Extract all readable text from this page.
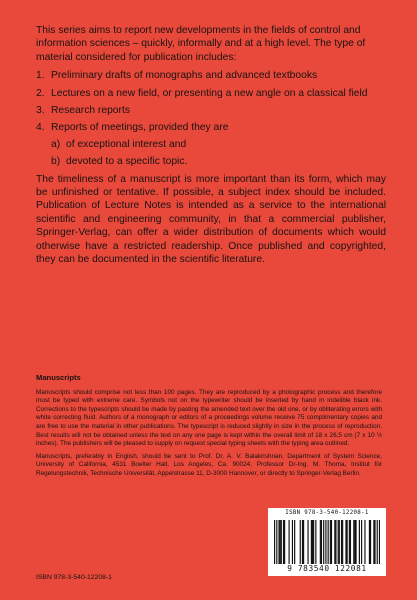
This series aims to report new developments in the fields of control and information sciences – quickly, informally and at a high level. The type of material considered for publication includes:

1. Preliminary drafts of monographs and advanced textbooks
2. Lectures on a new field, or presenting a new angle on a classical field
3. Research reports
4. Reports of meetings, provided they are
a) of exceptional interest and
b) devoted to a specific topic.

The timeliness of a manuscript is more important than its form, which may be unfinished or tentative. If possible, a subject index should be included. Publication of Lecture Notes is intended as a service to the international scientific and engineering community, in that a commercial publisher, Springer-Verlag, can offer a wider distribution of documents which would otherwise have a restricted readership. Once published and copyrighted, they can be documented in the scientific literature.

Manuscripts

Manuscripts should comprise not less than 100 pages. They are reproduced by a photographic process and therefore must be typed with extreme care. Symbols not on the typewriter should be inserted by hand in indelible black ink. Corrections to the typescripts should be made by pasting the amended text over the old one, or by obliterating errors with white correcting fluid. Authors of a monograph or editors of a proceedings volume receive 75 complimentary copies and are free to use the material in other publications. The typescript is reduced slightly in size in the process of reproduction. Best results will not be obtained unless the text on any one page is kept within the overall limit of 18 x 26,5 cm (7 x 10 ½ inches). The publishers will be pleased to supply on request special typing sheets with the typing area outlined.

Manuscripts, preferably in English, should be sent to Prof. Dr. A. V. Balakrishnan, Department of System Science, University of California, 4531 Boelter Hall, Los Angeles, Ca. 90024, Professor Dr-Ing. M. Thoma, Institut für Regelungstechnik, Technische Universität, Appelstrasse 11, D-3000 Hannover, or directly to Springer-Verlag Berlin.

ISBN 978-3-540-12208-1
ISBN 978-3-540-12208-1
9 783540 122081
